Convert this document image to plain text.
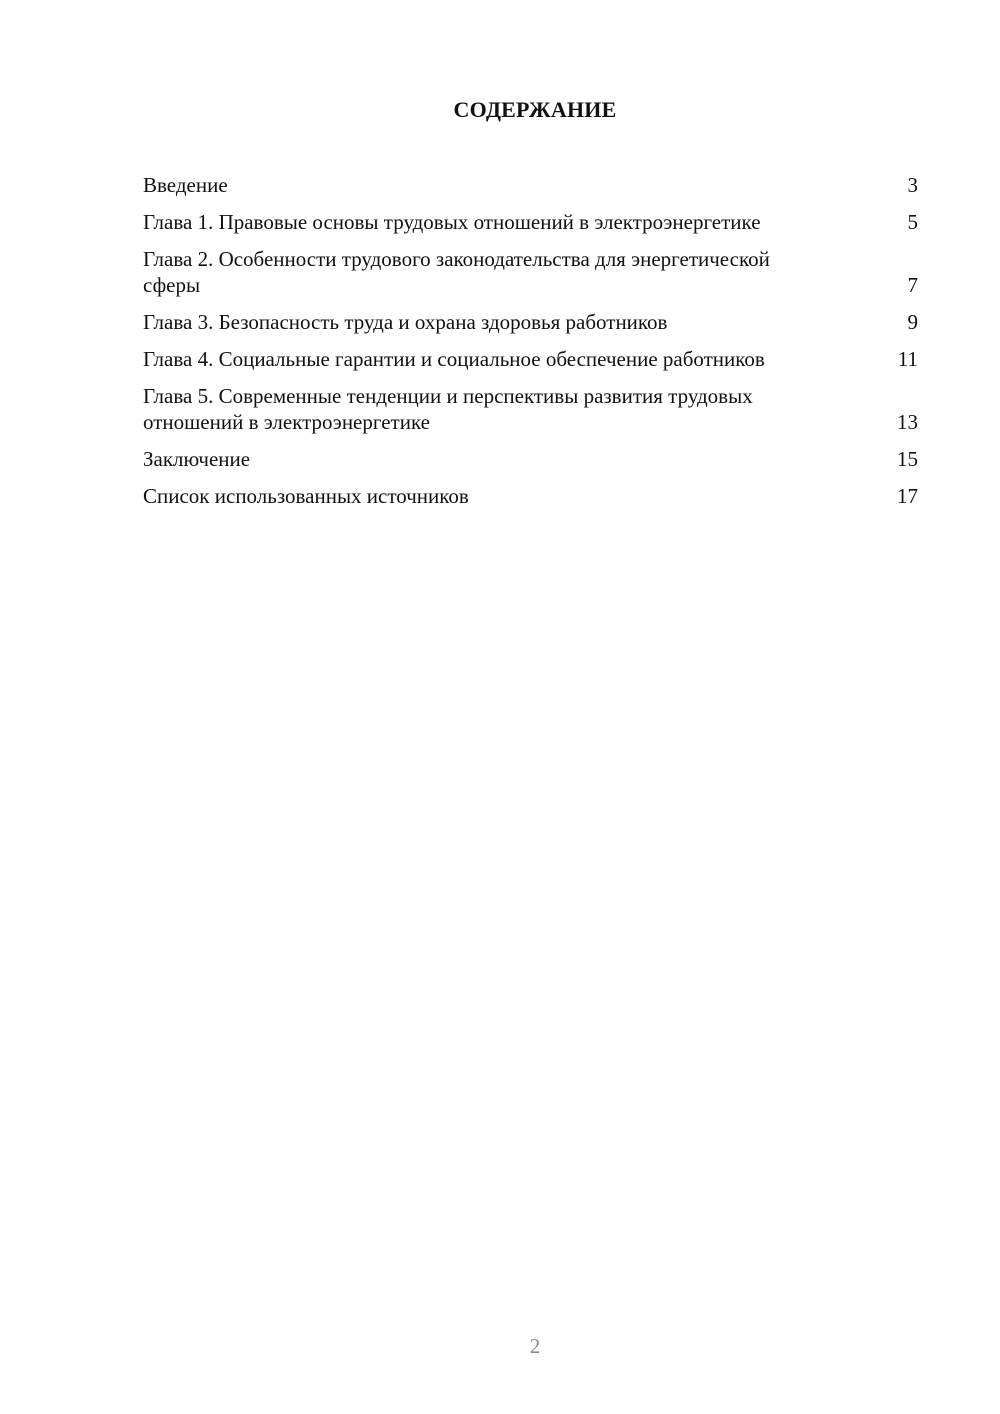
СОДЕРЖАНИЕ
Введение	3
Глава 1. Правовые основы трудовых отношений в электроэнергетике	5
Глава 2. Особенности трудового законодательства для энергетической сферы	7
Глава 3. Безопасность труда и охрана здоровья работников	9
Глава 4. Социальные гарантии и социальное обеспечение работников	11
Глава 5. Современные тенденции и перспективы развития трудовых отношений в электроэнергетике	13
Заключение	15
Список использованных источников	17
2
